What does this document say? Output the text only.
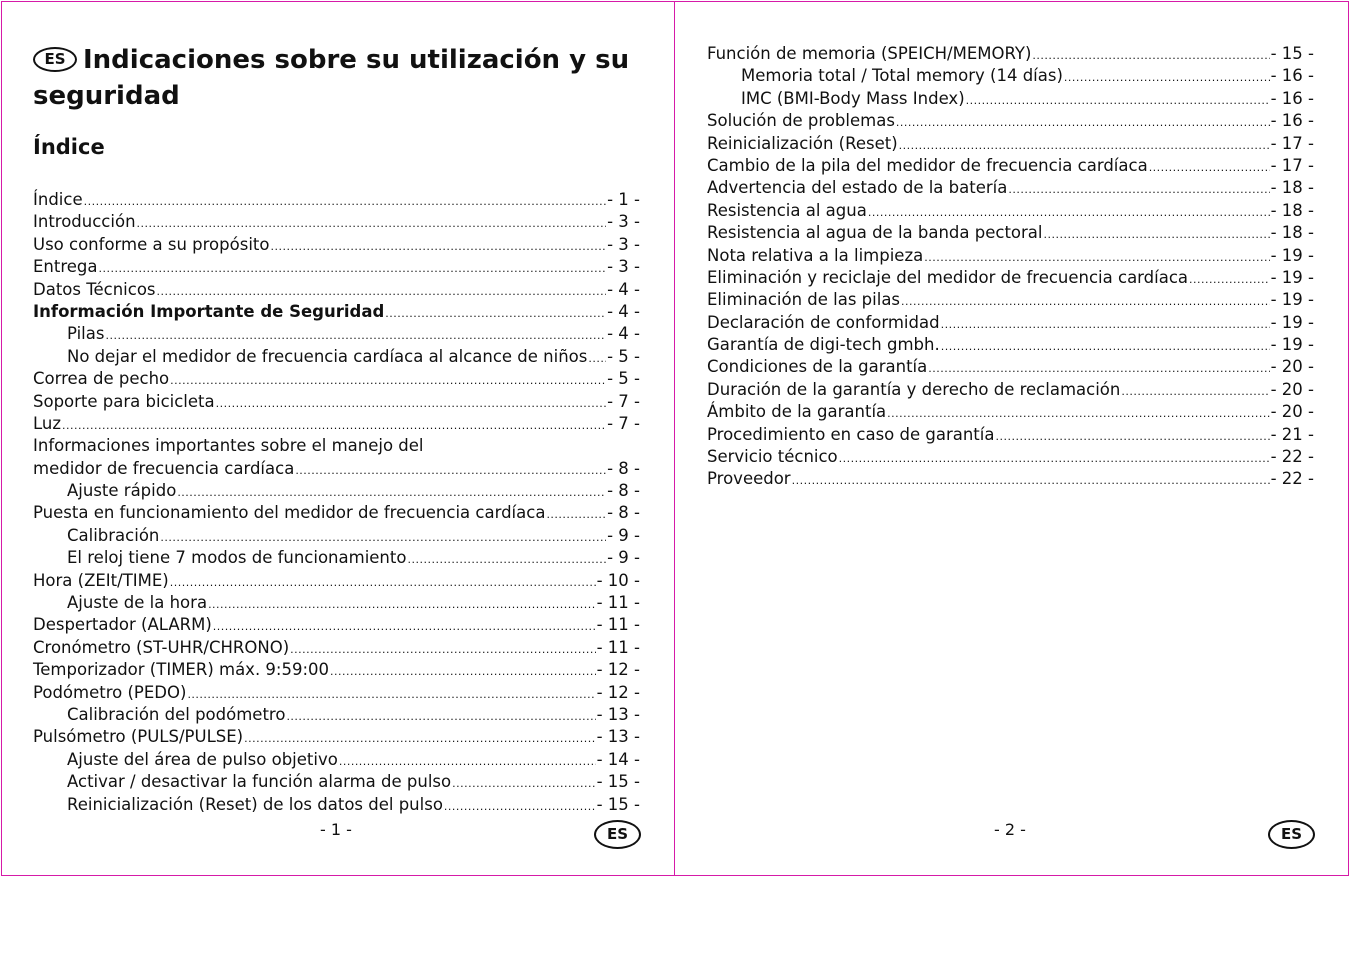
ES Indicaciones sobre su utilización y su seguridad
Índice
Índice .....	- 1 -
Introducción .....	- 3 -
Uso conforme a su propósito .....	- 3 -
Entrega .....	- 3 -
Datos Técnicos .....	- 4 -
Información Importante de Seguridad .....	- 4 -
Pilas .....	- 4 -
No dejar el medidor de frecuencia cardíaca al alcance de niños ..... - 5 -
Correa de pecho .....	- 5 -
Soporte para bicicleta .....	- 7 -
Luz .....	- 7 -
Informaciones importantes sobre el manejo del
medidor de frecuencia cardíaca .....	- 8 -
Ajuste rápido .....	- 8 -
Puesta en funcionamiento del medidor de frecuencia cardíaca .....	- 8 -
Calibración .....	- 9 -
El reloj tiene 7 modos de funcionamiento .....	- 9 -
Hora (ZEIt/TIME) .....	- 10 -
Ajuste de la hora .....	- 11 -
Despertador (ALARM) .....	- 11 -
Cronómetro (ST-UHR/CHRONO) .....	- 11 -
Temporizador (TIMER) máx. 9:59:00 .....	- 12 -
Podómetro (PEDO) .....	- 12 -
Calibración del podómetro .....	- 13 -
Pulsómetro (PULS/PULSE) .....	- 13 -
Ajuste del área de pulso objetivo .....	- 14 -
Activar / desactivar la función alarma de pulso .....	- 15 -
Reinicialización (Reset) de los datos del pulso .....	- 15 -
Función de memoria (SPEICH/MEMORY) .....	- 15 -
Memoria total / Total memory (14 días) .....	- 16 -
IMC (BMI-Body Mass Index) .....	- 16 -
Solución de problemas .....	- 16 -
Reinicialización (Reset) .....	- 17 -
Cambio de la pila del medidor de frecuencia cardíaca .....	- 17 -
Advertencia del estado de la batería .....	- 18 -
Resistencia al agua .....	- 18 -
Resistencia al agua de la banda pectoral .....	- 18 -
Nota relativa a la limpieza .....	- 19 -
Eliminación y reciclaje del medidor de frecuencia cardíaca .....	- 19 -
Eliminación de las pilas .....	- 19 -
Declaración de conformidad .....	- 19 -
Garantía de digi-tech gmbh. .....	- 19 -
Condiciones de la garantía .....	- 20 -
Duración de la garantía y derecho de reclamación .....	- 20 -
Ámbito de la garantía .....	- 20 -
Procedimiento en caso de garantía .....	- 21 -
Servicio técnico .....	- 22 -
Proveedor .....	- 22 -
- 1 -	ES	- 2 -	ES
